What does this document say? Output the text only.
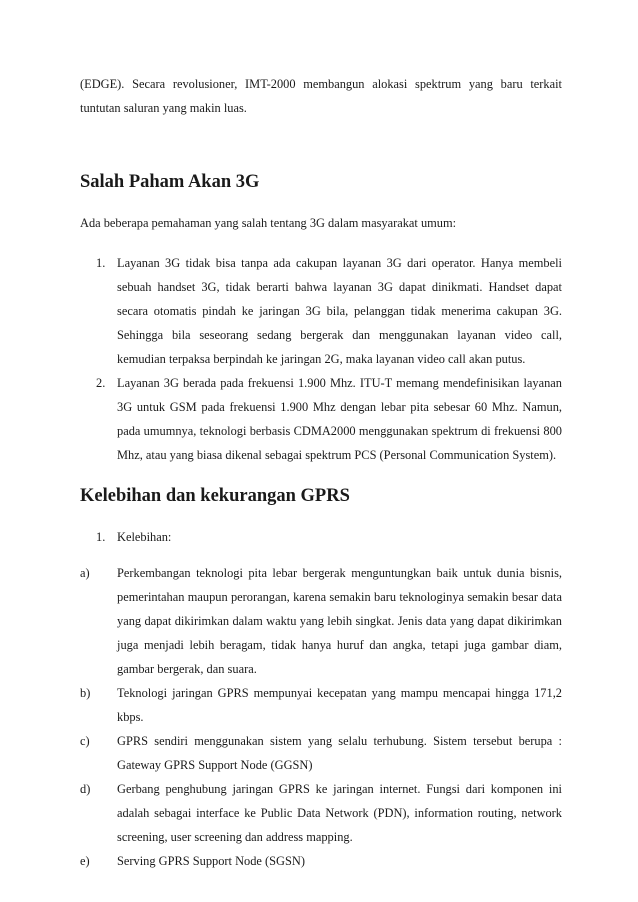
(EDGE). Secara revolusioner, IMT-2000 membangun alokasi spektrum yang baru terkait tuntutan saluran yang makin luas.

Salah Paham Akan 3G

Ada beberapa pemahaman yang salah tentang 3G dalam masyarakat umum:

1. Layanan 3G tidak bisa tanpa ada cakupan layanan 3G dari operator. Hanya membeli sebuah handset 3G, tidak berarti bahwa layanan 3G dapat dinikmati. Handset dapat secara otomatis pindah ke jaringan 3G bila, pelanggan tidak menerima cakupan 3G. Sehingga bila seseorang sedang bergerak dan menggunakan layanan video call, kemudian terpaksa berpindah ke jaringan 2G, maka layanan video call akan putus.
2. Layanan 3G berada pada frekuensi 1.900 Mhz. ITU-T memang mendefinisikan layanan 3G untuk GSM pada frekuensi 1.900 Mhz dengan lebar pita sebesar 60 Mhz. Namun, pada umumnya, teknologi berbasis CDMA2000 menggunakan spektrum di frekuensi 800 Mhz, atau yang biasa dikenal sebagai spektrum PCS (Personal Communication System).
Kelebihan dan kekurangan GPRS
1. Kelebihan:
a) Perkembangan teknologi pita lebar bergerak menguntungkan baik untuk dunia bisnis, pemerintahan maupun perorangan, karena semakin baru teknologinya semakin besar data yang dapat dikirimkan dalam waktu yang lebih singkat. Jenis data yang dapat dikirimkan juga menjadi lebih beragam, tidak hanya huruf dan angka, tetapi juga gambar diam, gambar bergerak, dan suara.
b) Teknologi jaringan GPRS mempunyai kecepatan yang mampu mencapai hingga 171,2 kbps.
c) GPRS sendiri menggunakan sistem yang selalu terhubung. Sistem tersebut berupa : Gateway GPRS Support Node (GGSN)
d) Gerbang penghubung jaringan GPRS ke jaringan internet. Fungsi dari komponen ini adalah sebagai interface ke Public Data Network (PDN), information routing, network screening, user screening dan address mapping.
e) Serving GPRS Support Node (SGSN)
